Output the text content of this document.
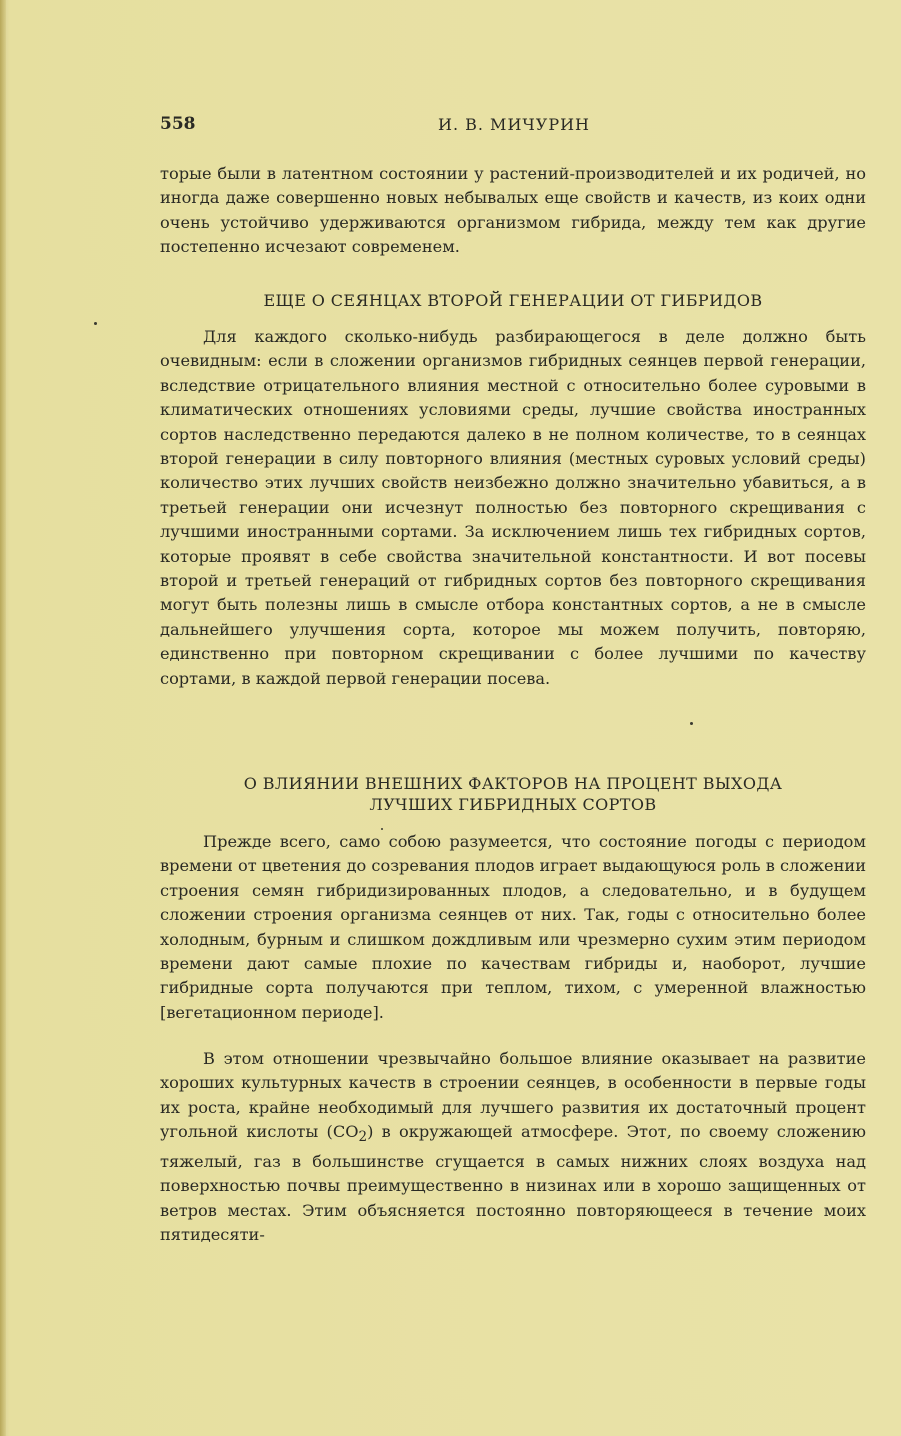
558	И. В. МИЧУРИН

торые были в латентном состоянии у растений-производителей и их родичей, но иногда даже совершенно новых небывалых еще свойств и качеств, из коих одни очень устойчиво удерживаются организмом гибрида, между тем как другие постепенно исчезают современем.

ЕЩЕ О СЕЯНЦАХ ВТОРОЙ ГЕНЕРАЦИИ ОТ ГИБРИДОВ

Для каждого сколько-нибудь разбирающегося в деле должно быть очевидным: если в сложении организмов гибридных сеянцев первой генерации, вследствие отрицательного влияния местной с относительно более суровыми в климатических отношениях условиями среды, лучшие свойства иностранных сортов наследственно передаются далеко в не полном количестве, то в сеянцах второй генерации в силу повторного влияния (местных суровых условий среды) количество этих лучших свойств неизбежно должно значительно убавиться, а в третьей генерации они исчезнут полностью без повторного скрещивания с лучшими иностранными сортами. За исключением лишь тех гибридных сортов, которые проявят в себе свойства значительной константности. И вот посевы второй и третьей генераций от гибридных сортов без повторного скрещивания могут быть полезны лишь в смысле отбора константных сортов, а не в смысле дальнейшего улучшения сорта, которое мы можем получить, повторяю, единственно при повторном скрещивании с более лучшими по качеству сортами, в каждой первой генерации посева.

О ВЛИЯНИИ ВНЕШНИХ ФАКТОРОВ НА ПРОЦЕНТ ВЫХОДА
ЛУЧШИХ ГИБРИДНЫХ СОРТОВ

Прежде всего, само собою разумеется, что состояние погоды с периодом времени от цветения до созревания плодов играет выдающуюся роль в сложении строения семян гибридизированных плодов, а следовательно, и в будущем сложении строения организма сеянцев от них. Так, годы с относительно более холодным, бурным и слишком дождливым или чрезмерно сухим этим периодом времени дают самые плохие по качествам гибриды и, наоборот, лучшие гибридные сорта получаются при теплом, тихом, с умеренной влажностью [вегетационном периоде].

В этом отношении чрезвычайно большое влияние оказывает на развитие хороших культурных качеств в строении сеянцев, в особенности в первые годы их роста, крайне необходимый для лучшего развития их достаточный процент угольной кислоты $(CO_2)$ в окружающей атмосфере. Этот, по своему сложению тяжелый, газ в большинстве сгущается в самых нижних слоях воздуха над поверхностью почвы преимущественно в низинах или в хорошо защищенных от ветров местах. Этим объясняется постоянно повторяющееся в течение моих пятидесяти-
